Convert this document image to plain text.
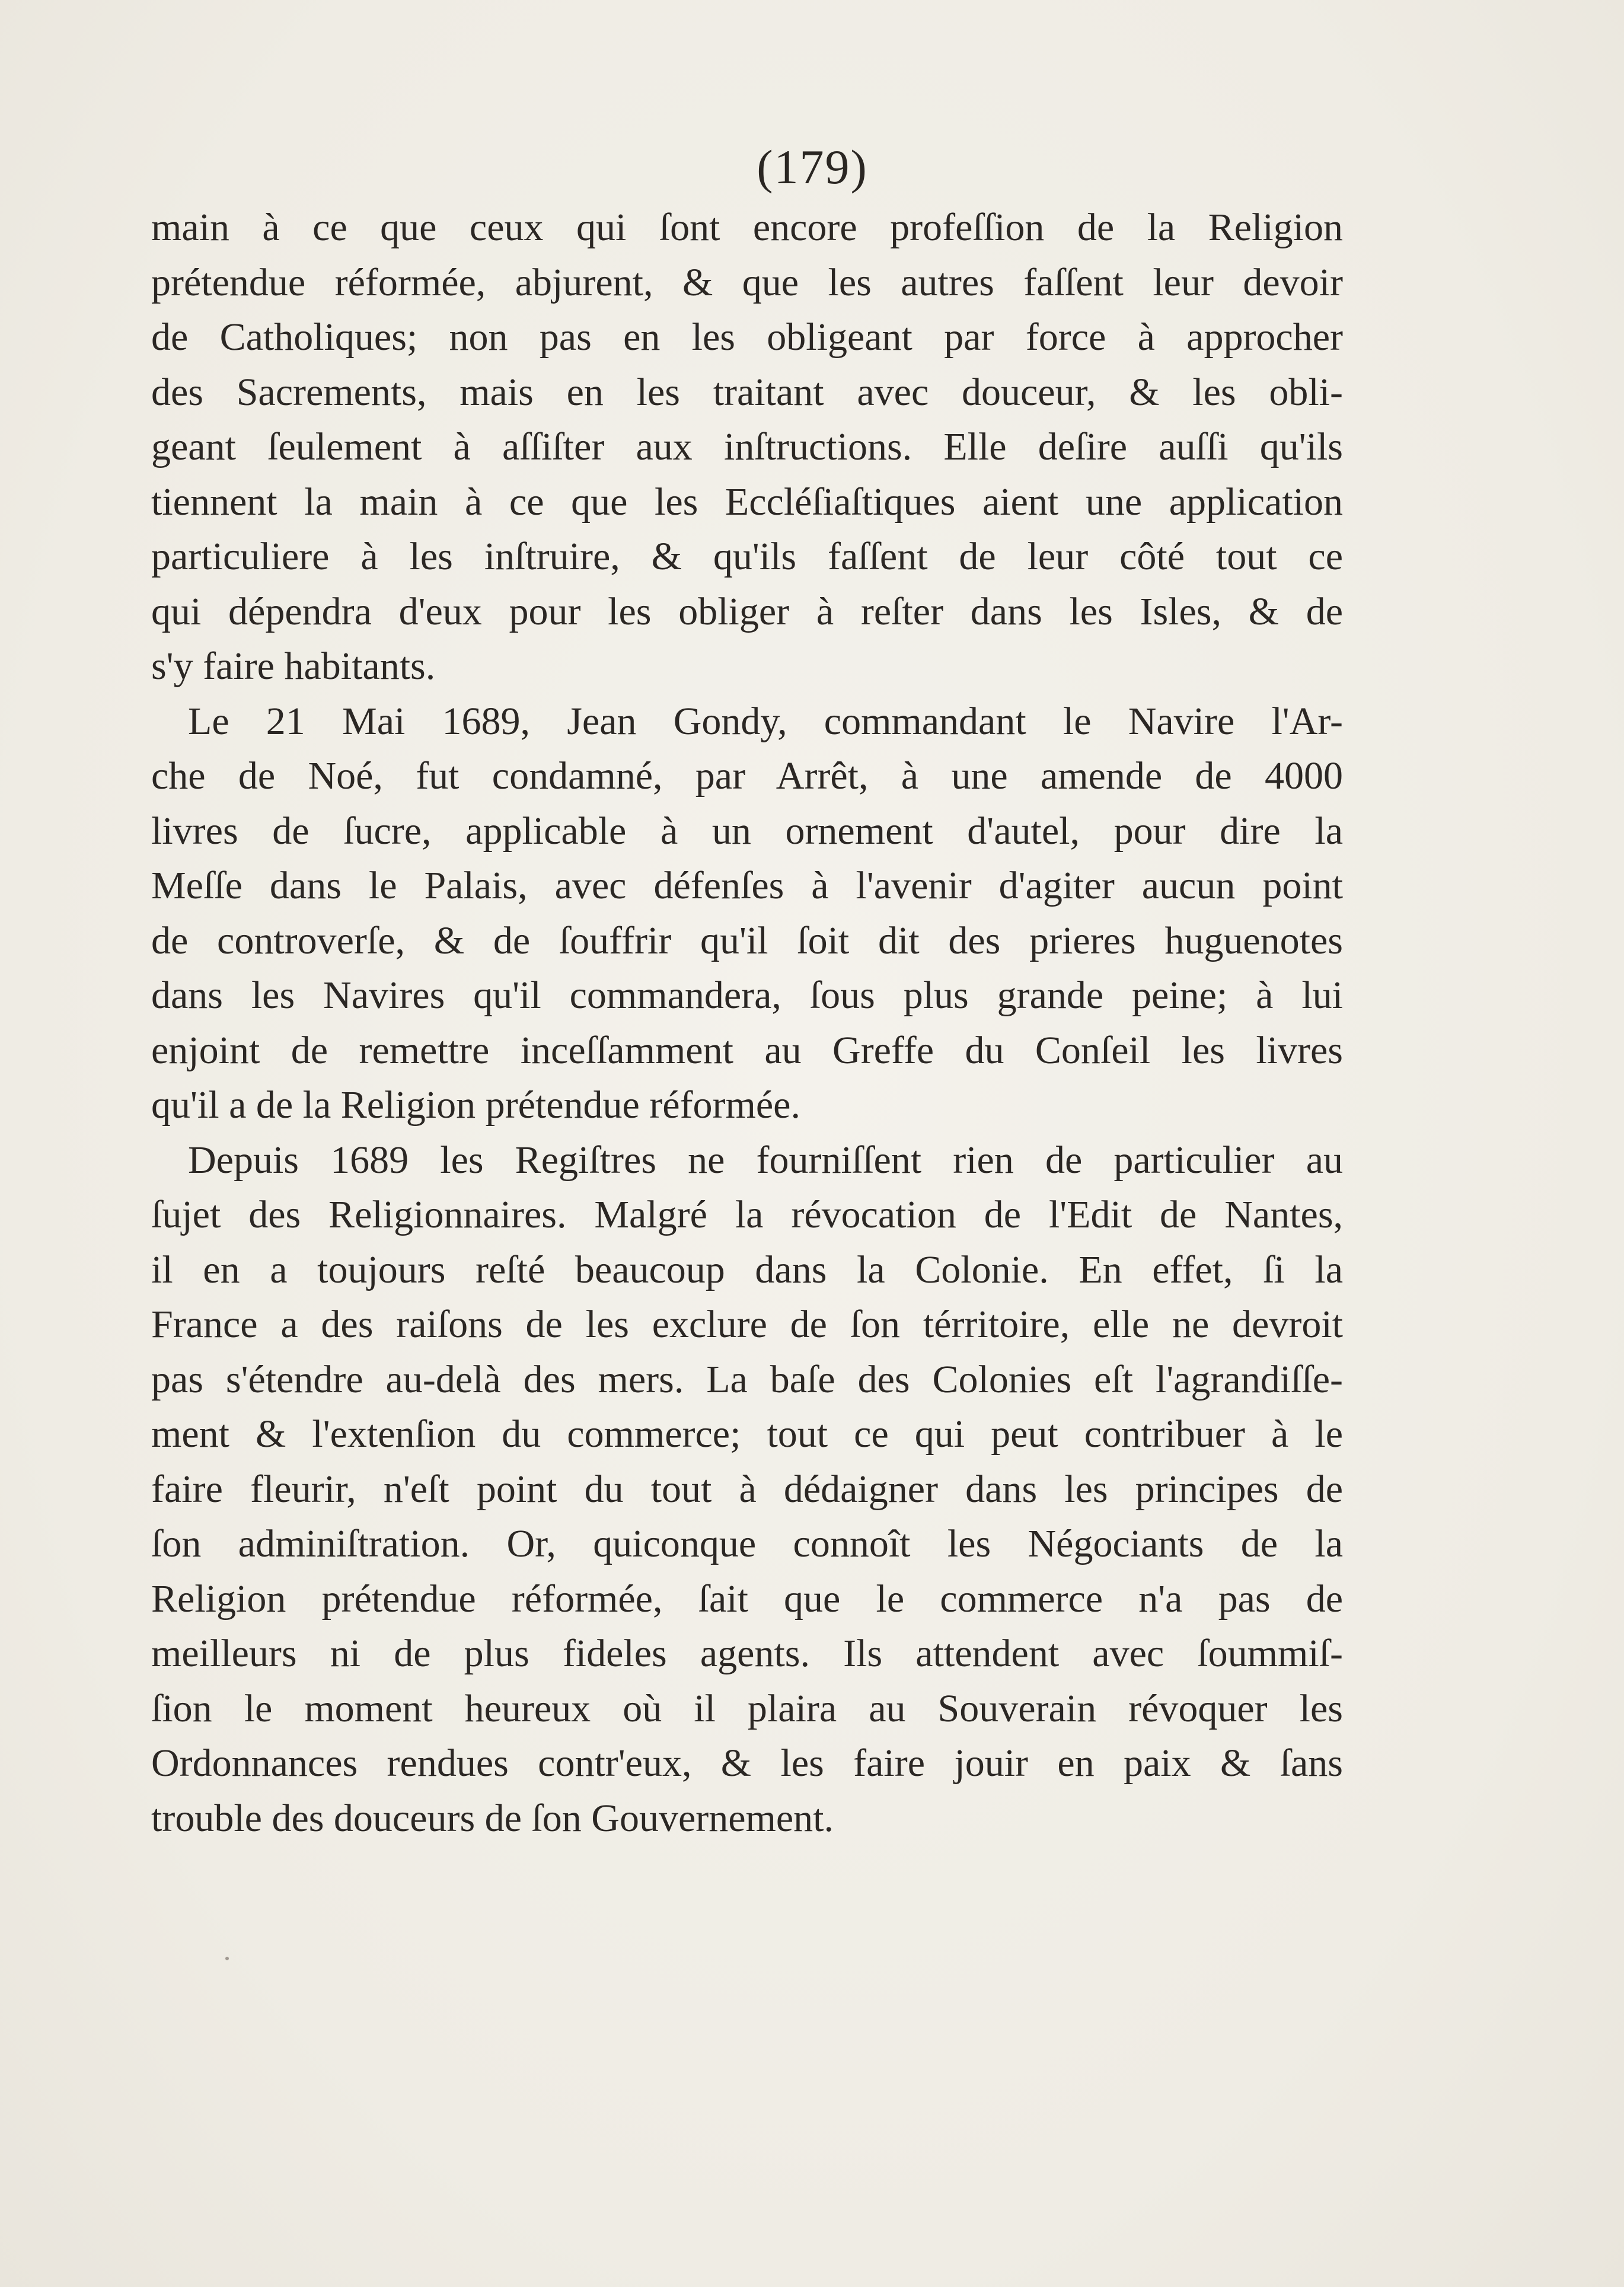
(179)
main à ce que ceux qui ſont encore profeſſion de la Religion
prétendue réformée, abjurent, & que les autres faſſent leur devoir
de Catholiques; non pas en les obligeant par force à approcher
des Sacrements, mais en les traitant avec douceur, & les obli-
geant ſeulement à aſſiſter aux inſtructions. Elle deſire auſſi qu'ils
tiennent la main à ce que les Eccléſiaſtiques aient une application
particuliere à les inſtruire, & qu'ils faſſent de leur côté tout ce
qui dépendra d'eux pour les obliger à reſter dans les Isles, & de
s'y faire habitants.
Le 21 Mai 1689, Jean Gondy, commandant le Navire l'Ar-
che de Noé, fut condamné, par Arrêt, à une amende de 4000
livres de ſucre, applicable à un ornement d'autel, pour dire la
Meſſe dans le Palais, avec défenſes à l'avenir d'agiter aucun point
de controverſe, & de ſouffrir qu'il ſoit dit des prieres huguenotes
dans les Navires qu'il commandera, ſous plus grande peine; à lui
enjoint de remettre inceſſamment au Greffe du Conſeil les livres
qu'il a de la Religion prétendue réformée.
Depuis 1689 les Regiſtres ne fourniſſent rien de particulier au
ſujet des Religionnaires. Malgré la révocation de l'Edit de Nantes,
il en a toujours reſté beaucoup dans la Colonie. En effet, ſi la
France a des raiſons de les exclure de ſon térritoire, elle ne devroit
pas s'étendre au-delà des mers. La baſe des Colonies eſt l'agrandiſſe-
ment & l'extenſion du commerce; tout ce qui peut contribuer à le
faire fleurir, n'eſt point du tout à dédaigner dans les principes de
ſon adminiſtration. Or, quiconque connoît les Négociants de la
Religion prétendue réformée, ſait que le commerce n'a pas de
meilleurs ni de plus fideles agents. Ils attendent avec ſoummiſ-
ſion le moment heureux où il plaira au Souverain révoquer les
Ordonnances rendues contr'eux, & les faire jouir en paix & ſans
trouble des douceurs de ſon Gouvernement.
